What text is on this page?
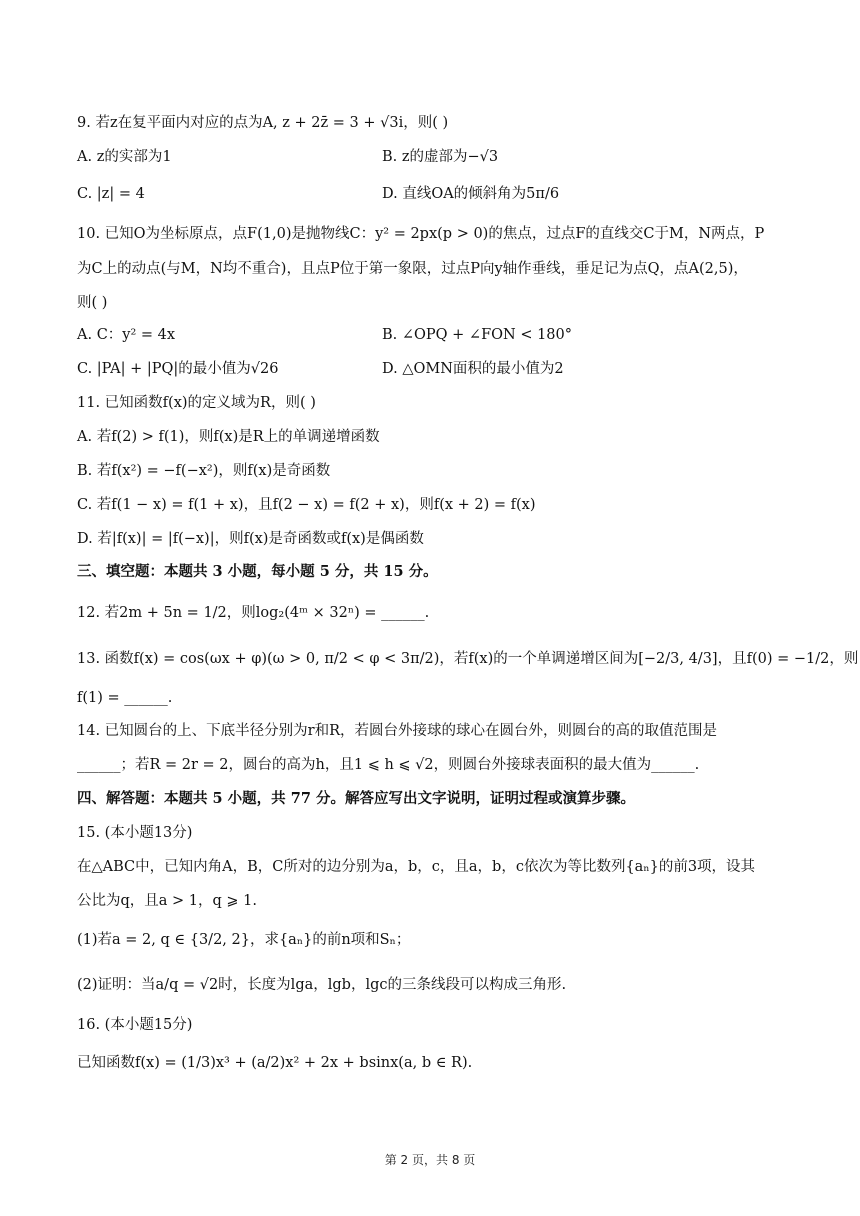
9. 若z在复平面内对应的点为A, z + 2z̄ = 3 + √3i，则( )
A. z的实部为1	B. z的虚部为−√3
C. |z| = 4	D. 直线OA的倾斜角为5π/6
10. 已知O为坐标原点，点F(1,0)是抛物线C：y² = 2px(p > 0)的焦点，过点F的直线交C于M，N两点，P
为C上的动点(与M，N均不重合)，且点P位于第一象限，过点P向y轴作垂线，垂足记为点Q，点A(2,5)，
则( )
A. C：y² = 4x	B. ∠OPQ + ∠FON < 180°
C. |PA| + |PQ|的最小值为√26	D. △OMN面积的最小值为2
11. 已知函数f(x)的定义域为R，则( )
A. 若f(2) > f(1)，则f(x)是R上的单调递增函数
B. 若f(x²) = −f(−x²)，则f(x)是奇函数
C. 若f(1 − x) = f(1 + x)，且f(2 − x) = f(2 + x)，则f(x + 2) = f(x)
D. 若|f(x)| = |f(−x)|，则f(x)是奇函数或f(x)是偶函数
三、填空题：本题共 3 小题，每小题 5 分，共 15 分。
12. 若2m + 5n = 1/2，则log₂(4ᵐ × 32ⁿ) = ______.
13. 函数f(x) = cos(ωx + φ)(ω > 0, π/2 < φ < 3π/2)，若f(x)的一个单调递增区间为[−2/3, 4/3]，且f(0) = −1/2，则
f(1) = ______.
14. 已知圆台的上、下底半径分别为r和R，若圆台外接球的球心在圆台外，则圆台的高的取值范围是
______；若R = 2r = 2，圆台的高为h，且1 ⩽ h ⩽ √2，则圆台外接球表面积的最大值为______.
四、解答题：本题共 5 小题，共 77 分。解答应写出文字说明，证明过程或演算步骤。
15. (本小题13分)
在△ABC中，已知内角A，B，C所对的边分别为a，b，c，且a，b，c依次为等比数列{aₙ}的前3项，设其
公比为q，且a > 1，q ⩾ 1.
(1)若a = 2, q ∈ {3/2, 2}，求{aₙ}的前n项和Sₙ；
(2)证明：当a/q = √2时，长度为lga，lgb，lgc的三条线段可以构成三角形.
16. (本小题15分)
已知函数f(x) = (1/3)x³ + (a/2)x² + 2x + bsinx(a, b ∈ R).
第 2 页，共 8 页
